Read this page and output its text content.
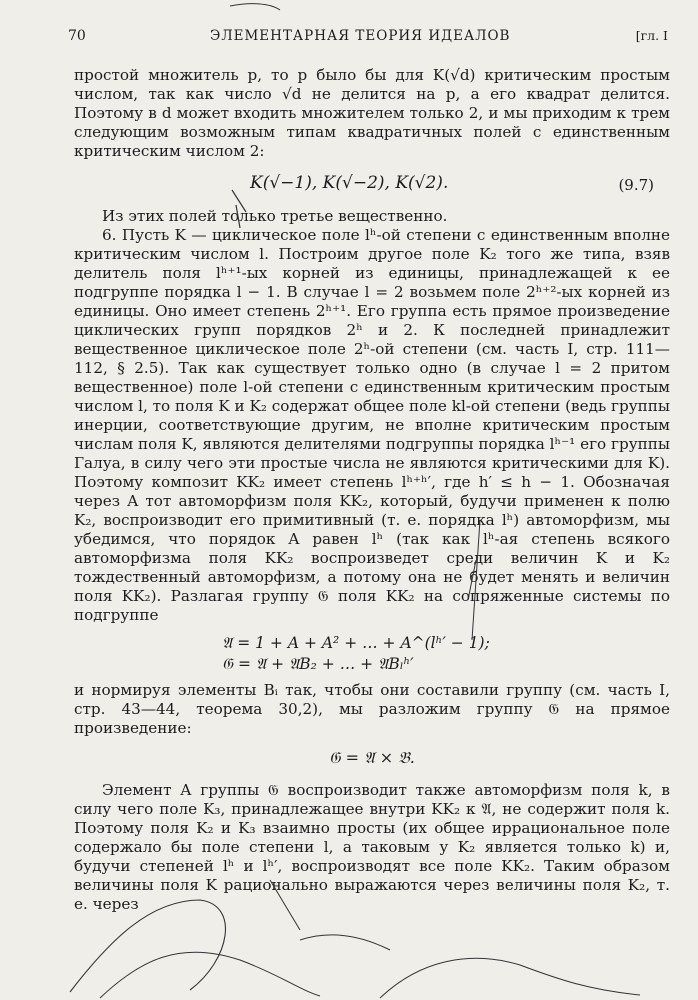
70	ЭЛЕМЕНТАРНАЯ ТЕОРИЯ ИДЕАЛОВ	[гл. I

простой множитель p, то p было бы для K(√d) критическим простым числом, так как число √d не делится на p, а его квадрат делится. Поэтому в d может входить множителем только 2, и мы приходим к трем следующим возможным типам квадратичных полей с единственным критическим числом 2:

K(√−1), K(√−2), K(√2).	(9.7)

Из этих полей только третье вещественно.

6. Пусть K — циклическое поле lʰ-ой степени с единственным вполне критическим числом l. Построим другое поле K₂ того же типа, взяв делитель поля lʰ⁺¹-ых корней из единицы, принадлежащей к ее подгруппе порядка l − 1. В случае l = 2 возьмем поле 2ʰ⁺²-ых корней из единицы. Оно имеет степень 2ʰ⁺¹. Его группа есть прямое произведение циклических групп порядков 2ʰ и 2. К последней принадлежит вещественное циклическое поле 2ʰ-ой степени (см. часть I, стр. 111—112, § 2.5). Так как существует только одно (в случае l = 2 притом вещественное) поле l-ой степени с единственным критическим простым числом l, то поля K и K₂ содержат общее поле kl-ой степени (ведь группы инерции, соответствующие другим, не вполне критическим простым числам поля K, являются делителями подгруппы порядка lʰ⁻¹ его группы Галуа, в силу чего эти простые числа не являются критическими для K). Поэтому композит KK₂ имеет степень lʰ⁺ʰ′, где h′ ≤ h − 1. Обозначая через A тот автоморфизм поля KK₂, который, будучи применен к полю K₂, воспроизводит его примитивный (т. е. порядка lʰ) автоморфизм, мы убедимся, что порядок A равен lʰ (так как lʰ-ая степень всякого автоморфизма поля KK₂ воспроизведет среди величин K и K₂ тождественный автоморфизм, а потому она не будет менять и величин поля KK₂). Разлагая группу 𝔊 поля KK₂ на сопряженные системы по подгруппе

𝔄 = 1 + A + A² + … + A^(lʰ′ − 1);
𝔊 = 𝔄 + 𝔄B₂ + … + 𝔄Bₗʰ′

и нормируя элементы Bᵢ так, чтобы они составили группу (см. часть I, стр. 43—44, теорема 30,2), мы разложим группу 𝔊 на прямое произведение:

𝔊 = 𝔄 × 𝔅.

Элемент A группы 𝔊 воспроизводит также автоморфизм поля k, в силу чего поле K₃, принадлежащее внутри KK₂ к 𝔄, не содержит поля k. Поэтому поля K₂ и K₃ взаимно просты (их общее иррациональное поле содержало бы поле степени l, а таковым у K₂ является только k) и, будучи степеней lʰ и lʰ′, воспроизводят все поле KK₂. Таким образом величины поля K рационально выражаются через величины поля K₂, т. е. через
